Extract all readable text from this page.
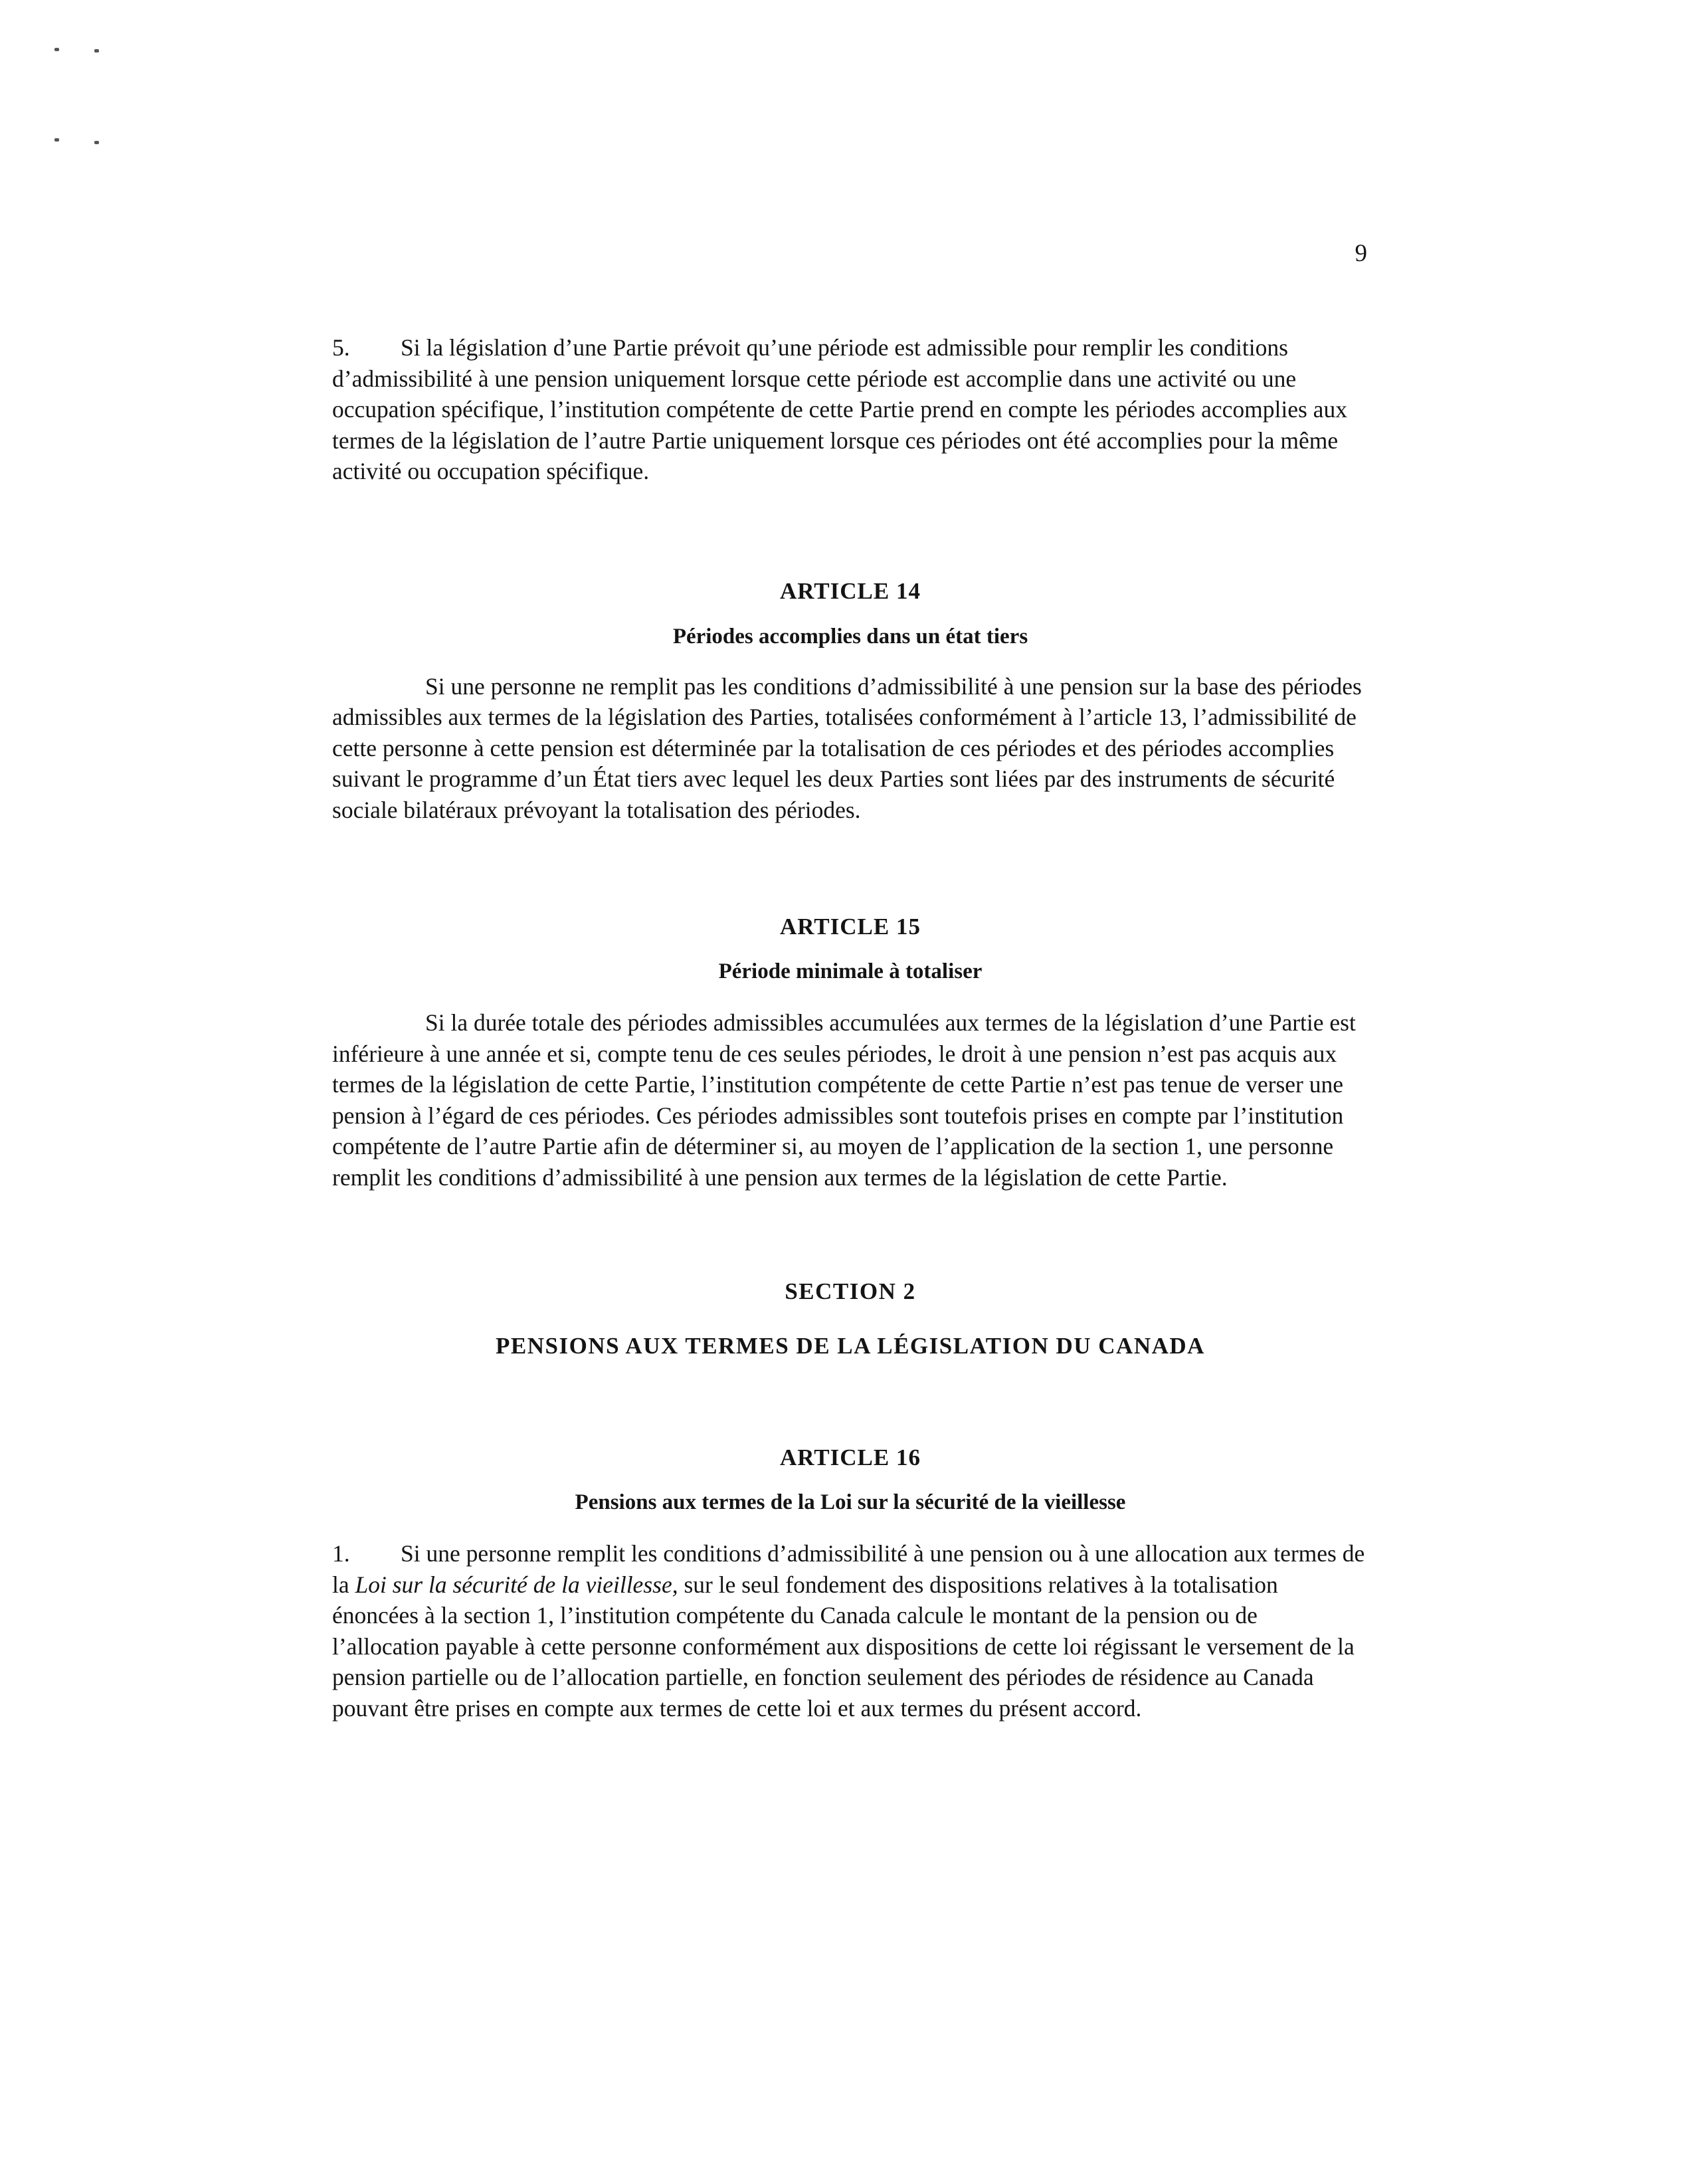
9

5. Si la législation d’une Partie prévoit qu’une période est admissible pour remplir les conditions d’admissibilité à une pension uniquement lorsque cette période est accomplie dans une activité ou une occupation spécifique, l’institution compétente de cette Partie prend en compte les périodes accomplies aux termes de la législation de l’autre Partie uniquement lorsque ces périodes ont été accomplies pour la même activité ou occupation spécifique.

ARTICLE 14
Périodes accomplies dans un état tiers

Si une personne ne remplit pas les conditions d’admissibilité à une pension sur la base des périodes admissibles aux termes de la législation des Parties, totalisées conformément à l’article 13, l’admissibilité de cette personne à cette pension est déterminée par la totalisation de ces périodes et des périodes accomplies suivant le programme d’un État tiers avec lequel les deux Parties sont liées par des instruments de sécurité sociale bilatéraux prévoyant la totalisation des périodes.

ARTICLE 15
Période minimale à totaliser

Si la durée totale des périodes admissibles accumulées aux termes de la législation d’une Partie est inférieure à une année et si, compte tenu de ces seules périodes, le droit à une pension n’est pas acquis aux termes de la législation de cette Partie, l’institution compétente de cette Partie n’est pas tenue de verser une pension à l’égard de ces périodes. Ces périodes admissibles sont toutefois prises en compte par l’institution compétente de l’autre Partie afin de déterminer si, au moyen de l’application de la section 1, une personne remplit les conditions d’admissibilité à une pension aux termes de la législation de cette Partie.

SECTION 2
PENSIONS AUX TERMES DE LA LÉGISLATION DU CANADA
ARTICLE 16
Pensions aux termes de la Loi sur la sécurité de la vieillesse

1. Si une personne remplit les conditions d’admissibilité à une pension ou à une allocation aux termes de la Loi sur la sécurité de la vieillesse, sur le seul fondement des dispositions relatives à la totalisation énoncées à la section 1, l’institution compétente du Canada calcule le montant de la pension ou de l’allocation payable à cette personne conformément aux dispositions de cette loi régissant le versement de la pension partielle ou de l’allocation partielle, en fonction seulement des périodes de résidence au Canada pouvant être prises en compte aux termes de cette loi et aux termes du présent accord.
